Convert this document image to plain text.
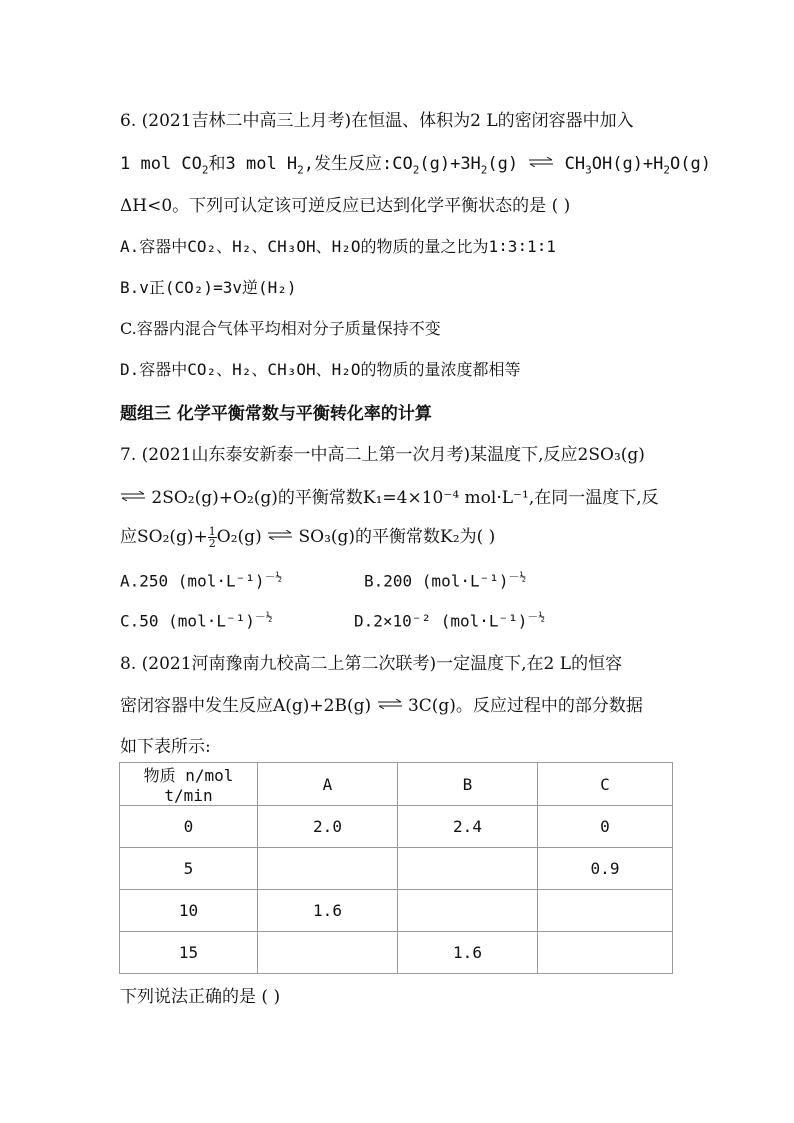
6. (2021吉林二中高三上月考)在恒温、体积为2 L的密闭容器中加入
1 mol $CO_2$和3 mol $H_2$,发生反应$:CO_2(g)+3H_2(g)$ ⇌ $CH_3OH(g)+H_2O(g)$
ΔH<0。下列可认定该可逆反应已达到化学平衡状态的是 ( )
A.容器中CO₂、H₂、CH₃OH、H₂O的物质的量之比为1∶3∶1∶1
B.v正(CO₂)=3v逆(H₂)
C.容器内混合气体平均相对分子质量保持不变
D.容器中CO₂、H₂、CH₃OH、H₂O的物质的量浓度都相等
题组三 化学平衡常数与平衡转化率的计算
7. (2021山东泰安新泰一中高二上第一次月考)某温度下,反应2SO₃(g)
⇌ 2SO₂(g)+O₂(g)的平衡常数K₁=4×10⁻⁴ mol·L⁻¹,在同一温度下,反
应$SO_2(g)+ \frac{1}{2} O_2(g)$ ⇌ SO₃(g)的平衡常数K₂为( )
A.250 $(mol\cdot L^{-1})^{-\frac{1}{2}}$	B.200 $(mol\cdot L^{-1})^{-\frac{1}{2}}$
C.50 $(mol\cdot L^{-1})^{-\frac{1}{2}}$	D.2×10⁻² $(mol\cdot L^{-1})^{-\frac{1}{2}}$
8. (2021河南豫南九校高二上第二次联考)一定温度下,在2 L的恒容
密闭容器中发生反应A(g)+2B(g) ⇌ 3C(g)。反应过程中的部分数据
如下表所示:
物质 n/mol t/min	A	B	C
0	2.0	2.4	0
5			0.9
10	1.6		
15		1.6	
下列说法正确的是 ( )
